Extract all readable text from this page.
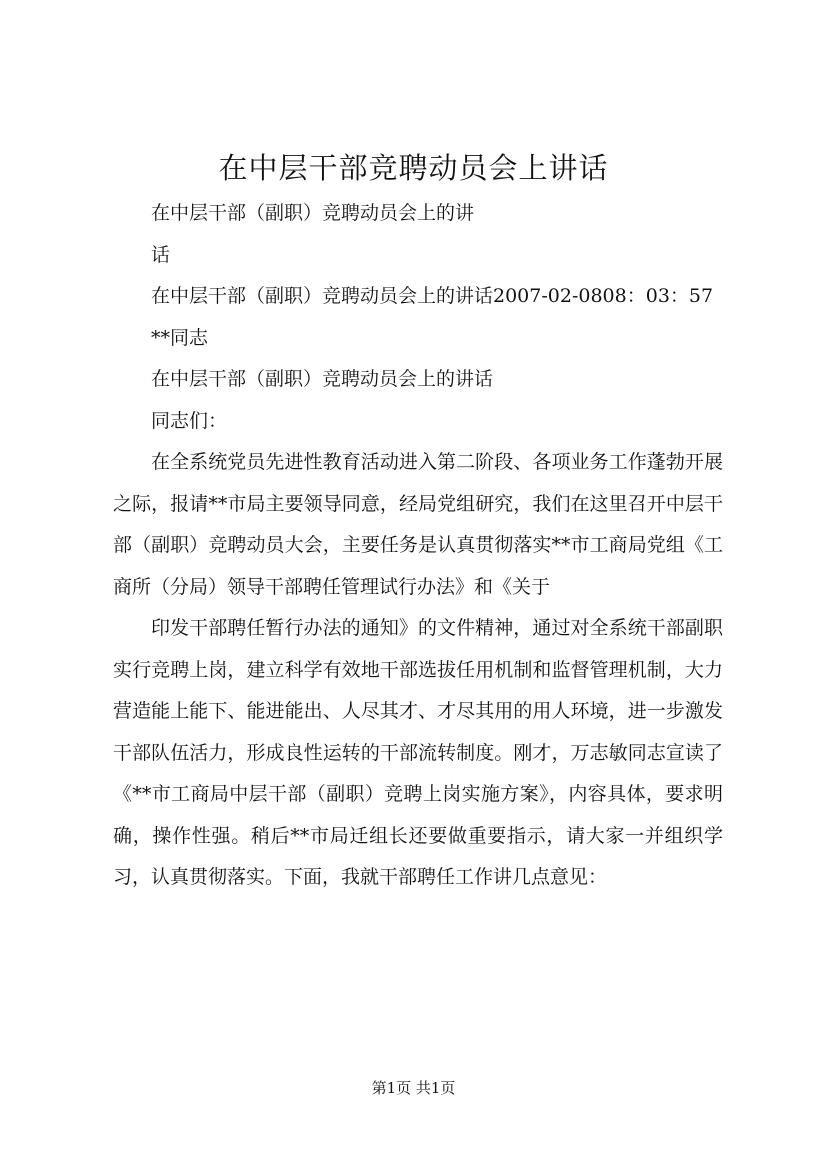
在中层干部竞聘动员会上讲话

在中层干部（副职）竞聘动员会上的讲

话

在中层干部（副职）竞聘动员会上的讲话2007-02-0808：03：57

**同志

在中层干部（副职）竞聘动员会上的讲话

同志们：

在全系统党员先进性教育活动进入第二阶段、各项业务工作蓬勃开展之际，报请**市局主要领导同意，经局党组研究，我们在这里召开中层干部（副职）竞聘动员大会，主要任务是认真贯彻落实**市工商局党组《工商所（分局）领导干部聘任管理试行办法》和《关于

印发干部聘任暂行办法的通知》的文件精神，通过对全系统干部副职实行竞聘上岗，建立科学有效地干部选拔任用机制和监督管理机制，大力营造能上能下、能进能出、人尽其才、才尽其用的用人环境，进一步激发干部队伍活力，形成良性运转的干部流转制度。刚才，万志敏同志宣读了《**市工商局中层干部（副职）竞聘上岗实施方案》，内容具体，要求明确，操作性强。稍后**市局迁组长还要做重要指示，请大家一并组织学习，认真贯彻落实。下面，我就干部聘任工作讲几点意见：

第1页 共1页
